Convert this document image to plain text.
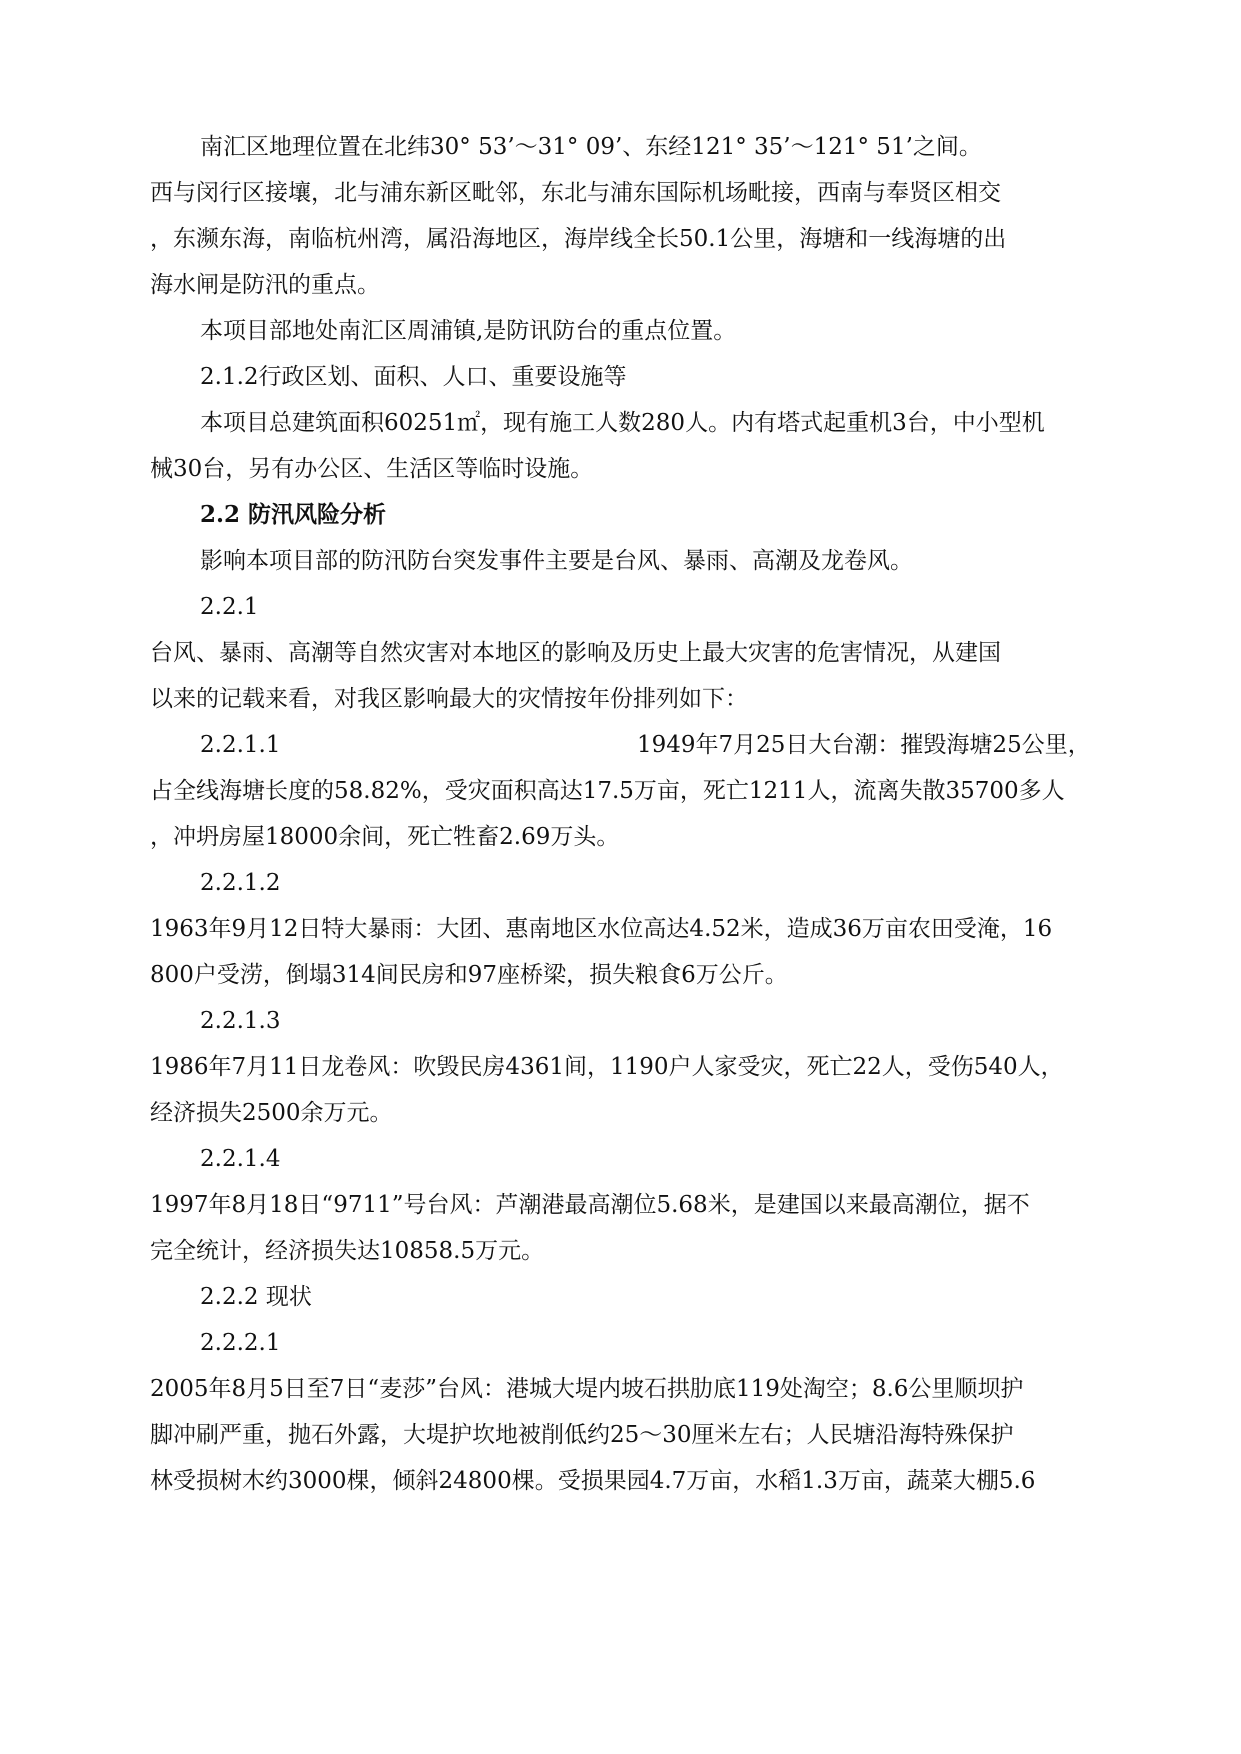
南汇区地理位置在北纬30° 53’～31° 09’、东经121° 35’～121° 51’之间。
西与闵行区接壤，北与浦东新区毗邻，东北与浦东国际机场毗接，西南与奉贤区相交
，东濒东海，南临杭州湾，属沿海地区，海岸线全长50.1公里，海塘和一线海塘的出
海水闸是防汛的重点。
本项目部地处南汇区周浦镇,是防讯防台的重点位置。
2.1.2行政区划、面积、人口、重要设施等
本项目总建筑面积60251㎡，现有施工人数280人。内有塔式起重机3台，中小型机
械30台，另有办公区、生活区等临时设施。
2.2 防汛风险分析
影响本项目部的防汛防台突发事件主要是台风、暴雨、高潮及龙卷风。
2.2.1
台风、暴雨、高潮等自然灾害对本地区的影响及历史上最大灾害的危害情况，从建国
以来的记载来看，对我区影响最大的灾情按年份排列如下：
2.2.1.1	1949年7月25日大台潮：摧毁海塘25公里，
占全线海塘长度的58.82%，受灾面积高达17.5万亩，死亡1211人，流离失散35700多人
，冲坍房屋18000余间，死亡牲畜2.69万头。
2.2.1.2
1963年9月12日特大暴雨：大团、惠南地区水位高达4.52米，造成36万亩农田受淹，16
800户受涝，倒塌314间民房和97座桥梁，损失粮食6万公斤。
2.2.1.3
1986年7月11日龙卷风：吹毁民房4361间，1190户人家受灾，死亡22人，受伤540人，
经济损失2500余万元。
2.2.1.4
1997年8月18日“9711”号台风：芦潮港最高潮位5.68米，是建国以来最高潮位，据不
完全统计，经济损失达10858.5万元。
2.2.2 现状
2.2.2.1
2005年8月5日至7日“麦莎”台风：港城大堤内坡石拱肋底119处淘空；8.6公里顺坝护
脚冲刷严重，抛石外露，大堤护坎地被削低约25～30厘米左右；人民塘沿海特殊保护
林受损树木约3000棵，倾斜24800棵。受损果园4.7万亩，水稻1.3万亩，蔬菜大棚5.6
